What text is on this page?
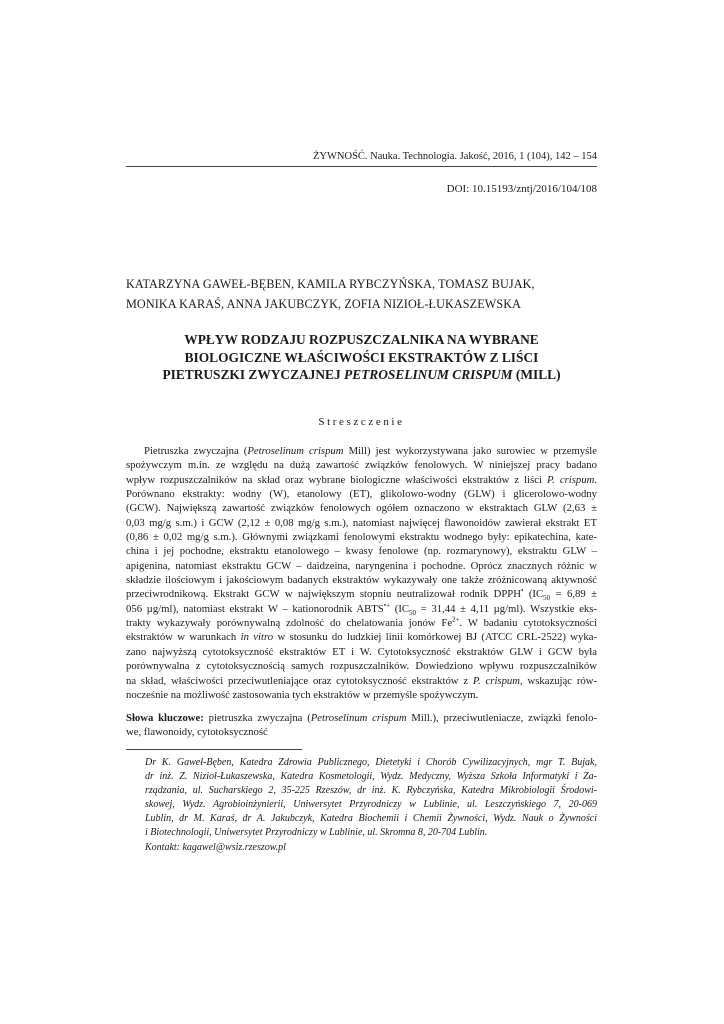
ŻYWNOŚĆ. Nauka. Technologia. Jakość, 2016, 1 (104), 142 – 154
DOI: 10.15193/zntj/2016/104/108
KATARZYNA GAWEŁ-BĘBEN, KAMILA RYBCZYŃSKA, TOMASZ BUJAK,
MONIKA KARAŚ, ANNA JAKUBCZYK, ZOFIA NIZIOŁ-ŁUKASZEWSKA
WPŁYW RODZAJU ROZPUSZCZALNIKA NA WYBRANE
BIOLOGICZNE WŁAŚCIWOŚCI EKSTRAKTÓW Z LIŚCI
PIETRUSZKI ZWYCZAJNEJ PETROSELINUM CRISPUM (MILL)
Streszczenie
Pietruszka zwyczajna (Petroselinum crispum Mill) jest wykorzystywana jako surowiec w przemyśle
spożywczym m.in. ze względu na dużą zawartość związków fenolowych. W niniejszej pracy badano
wpływ rozpuszczalników na skład oraz wybrane biologiczne właściwości ekstraktów z liści P. crispum.
Porównano ekstrakty: wodny (W), etanolowy (ET), glikolowo-wodny (GLW) i glicerolowo-wodny
(GCW). Największą zawartość związków fenolowych ogółem oznaczono w ekstraktach GLW (2,63 ±
0,03 mg/g s.m.) i GCW (2,12 ± 0,08 mg/g s.m.), natomiast najwięcej flawonoidów zawierał ekstrakt ET
(0,86 ± 0,02 mg/g s.m.). Głównymi związkami fenolowymi ekstraktu wodnego były: epikatechina, kate-
china i jej pochodne, ekstraktu etanolowego – kwasy fenolowe (np. rozmarynowy), ekstraktu GLW –
apigenina, natomiast ekstraktu GCW – daidzeina, naryngenina i pochodne. Oprócz znacznych różnic w
składzie ilościowym i jakościowym badanych ekstraktów wykazywały one także zróżnicowaną aktywność
przeciwrodnikową. Ekstrakt GCW w największym stopniu neutralizował rodnik DPPH• ($IC_{50} = 6,89$ ±
056 µg/ml), natomiast ekstrakt W – kationorodnik ABTS•+ ($IC_{50} = 31,44 \pm 4,11$ µg/ml). Wszystkie eks-
trakty wykazywały porównywalną zdolność do chelatowania jonów $Fe^{2+}$. W badaniu cytotoksyczności
ekstraktów w warunkach in vitro w stosunku do ludzkiej linii komórkowej BJ (ATCC CRL-2522) wyka-
zano najwyższą cytotoksyczność ekstraktów ET i W. Cytotoksyczność ekstraktów GLW i GCW była
porównywalna z cytotoksycznością samych rozpuszczalników. Dowiedziono wpływu rozpuszczalników
na skład, właściwości przeciwutleniające oraz cytotoksyczność ekstraktów z P. crispum, wskazując rów-
nocześnie na możliwość zastosowania tych ekstraktów w przemyśle spożywczym.
Słowa kluczowe: pietruszka zwyczajna (Petroselinum crispum Mill.), przeciwutleniacze, związki fenolo-
we, flawonoidy, cytotoksyczność
Dr K. Gaweł-Bęben, Katedra Zdrowia Publicznego, Dietetyki i Chorób Cywilizacyjnych, mgr T. Bujak,
dr inż. Z. Nizioł-Łukaszewska, Katedra Kosmetologii, Wydz. Medyczny, Wyższa Szkoła Informatyki i Za-
rządzania, ul. Sucharskiego 2, 35-225 Rzeszów, dr inż. K. Rybczyńska, Katedra Mikrobiologii Środowi-
skowej, Wydz. Agrobioinżynierii, Uniwersytet Przyrodniczy w Lublinie, ul. Leszczyńskiego 7, 20-069
Lublin, dr M. Karaś, dr A. Jakubczyk, Katedra Biochemii i Chemii Żywności, Wydz. Nauk o Żywności
i Biotechnologii, Uniwersytet Przyrodniczy w Lublinie, ul. Skromna 8, 20-704 Lublin.
Kontakt: kagawel@wsiz.rzeszow.pl
